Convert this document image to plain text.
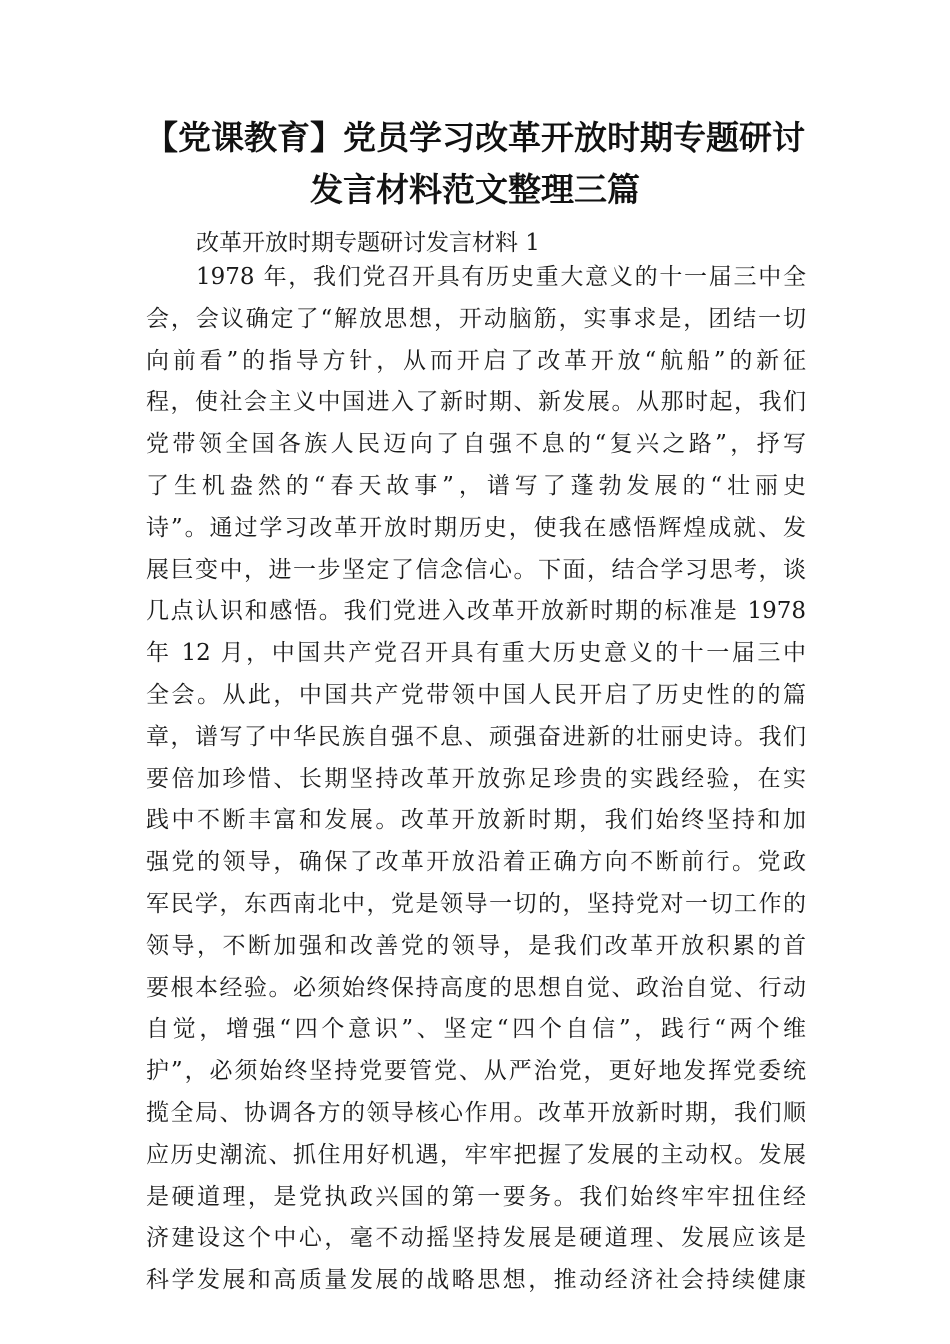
【党课教育】党员学习改革开放时期专题研讨
发言材料范文整理三篇

改革开放时期专题研讨发言材料 1

1978 年，我们党召开具有历史重大意义的十一届三中全
会，会议确定了“解放思想，开动脑筋，实事求是，团结一切
向前看”的指导方针，从而开启了改革开放“航船”的新征
程，使社会主义中国进入了新时期、新发展。从那时起，我们
党带领全国各族人民迈向了自强不息的“复兴之路”，抒写
了生机盎然的“春天故事”，谱写了蓬勃发展的“壮丽史
诗”。通过学习改革开放时期历史，使我在感悟辉煌成就、发
展巨变中，进一步坚定了信念信心。下面，结合学习思考，谈
几点认识和感悟。我们党进入改革开放新时期的标准是 1978
年 12 月，中国共产党召开具有重大历史意义的十一届三中
全会。从此，中国共产党带领中国人民开启了历史性的的篇
章，谱写了中华民族自强不息、顽强奋进新的壮丽史诗。我们
要倍加珍惜、长期坚持改革开放弥足珍贵的实践经验，在实
践中不断丰富和发展。改革开放新时期，我们始终坚持和加
强党的领导，确保了改革开放沿着正确方向不断前行。党政
军民学，东西南北中，党是领导一切的，坚持党对一切工作的
领导，不断加强和改善党的领导，是我们改革开放积累的首
要根本经验。必须始终保持高度的思想自觉、政治自觉、行动
自觉，增强“四个意识”、坚定“四个自信”，践行“两个维
护”，必须始终坚持党要管党、从严治党，更好地发挥党委统
揽全局、协调各方的领导核心作用。改革开放新时期，我们顺
应历史潮流、抓住用好机遇，牢牢把握了发展的主动权。发展
是硬道理，是党执政兴国的第一要务。我们始终牢牢扭住经
济建设这个中心，毫不动摇坚持发展是硬道理、发展应该是
科学发展和高质量发展的战略思想，推动经济社会持续健康
